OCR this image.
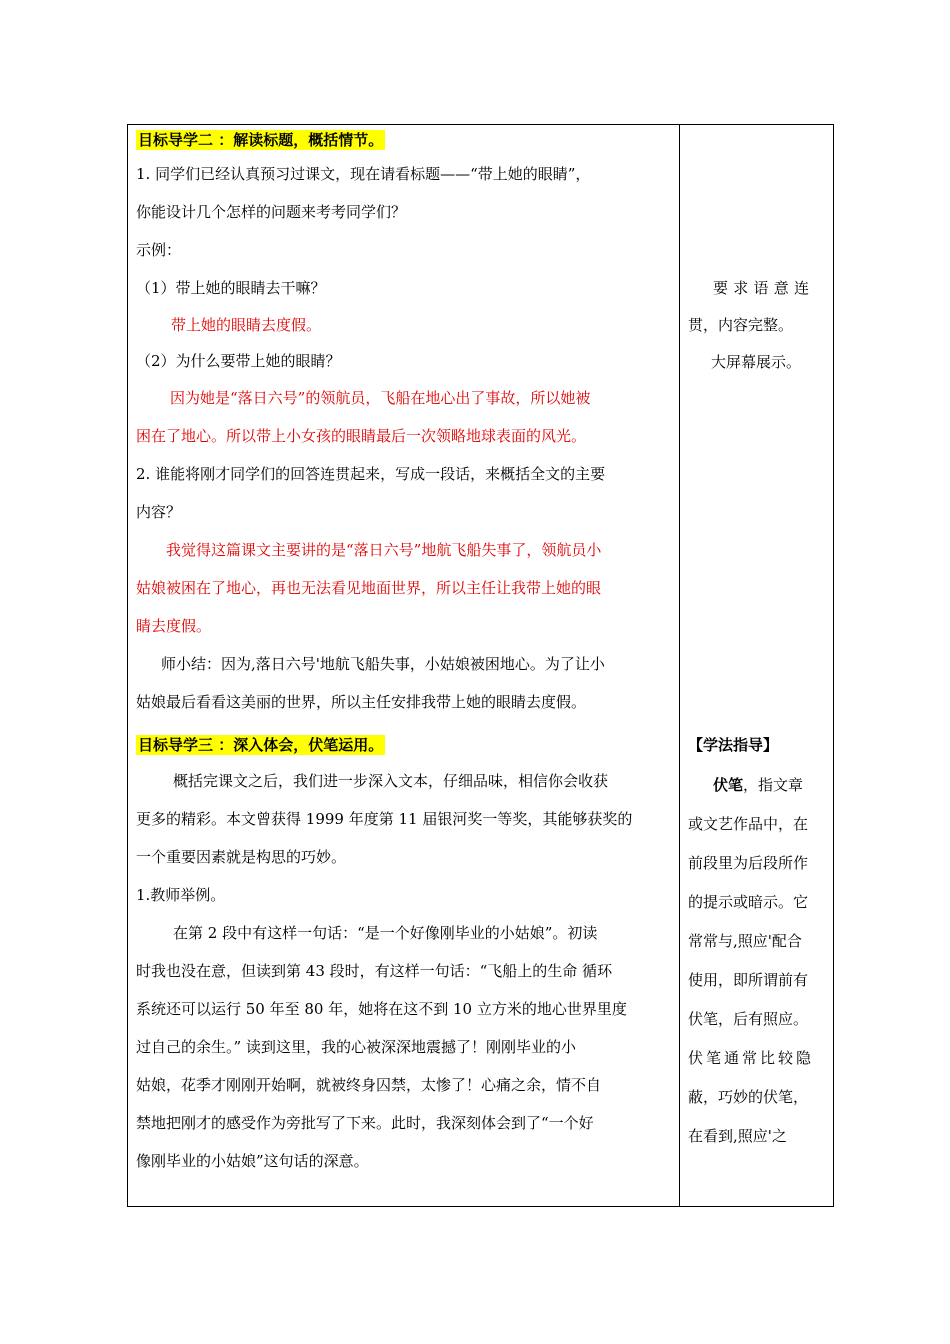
目标导学二 ：解读标题，概括情节。
1. 同学们已经认真预习过课文，现在请看标题——“带上她的眼睛”，
你能设计几个怎样的问题来考考同学们？
示例：
（1）带上她的眼睛去干嘛？
带上她的眼睛去度假。
（2）为什么要带上她的眼睛？
因为她是“落日六号”的领航员，飞船在地心出了事故，所以她被
困在了地心。所以带上小女孩的眼睛最后一次领略地球表面的风光。
2. 谁能将刚才同学们的回答连贯起来，写成一段话，来概括全文的主要
内容？
我觉得这篇课文主要讲的是“落日六号”地航飞船失事了，领航员小
姑娘被困在了地心，再也无法看见地面世界，所以主任让我带上她的眼
睛去度假。
师小结：因为,落日六号'地航飞船失事，小姑娘被困地心。为了让小
姑娘最后看看这美丽的世界，所以主任安排我带上她的眼睛去度假。
目标导学三 ：深入体会，伏笔运用。
概括完课文之后，我们进一步深入文本，仔细品味，相信你会收获
更多的精彩。本文曾获得 1999 年度第 11 届银河奖一等奖，其能够获奖的
一个重要因素就是构思的巧妙。
1.教师举例。
在第 2 段中有这样一句话：“是一个好像刚毕业的小姑娘”。初读
时我也没在意，但读到第 43 段时，有这样一句话：“飞船上的生命 循环
系统还可以运行 50 年至 80 年，她将在这不到 10 立方米的地心世界里度
过自己的余生。” 读到这里，我的心被深深地震撼了！刚刚毕业的小
姑娘，花季才刚刚开始啊，就被终身囚禁，太惨了！心痛之余，情不自
禁地把刚才的感受作为旁批写了下来。此时，我深刻体会到了“一个好
像刚毕业的小姑娘”这句话的深意。
要求语意连
贯，内容完整。
大屏幕展示。
【学法指导】
伏笔，指文章
或文艺作品中，在
前段里为后段所作
的提示或暗示。它
常常与,照应'配合
使用，即所谓前有
伏笔，后有照应。
伏笔通常比较隐
蔽，巧妙的伏笔，
在看到,照应'之
